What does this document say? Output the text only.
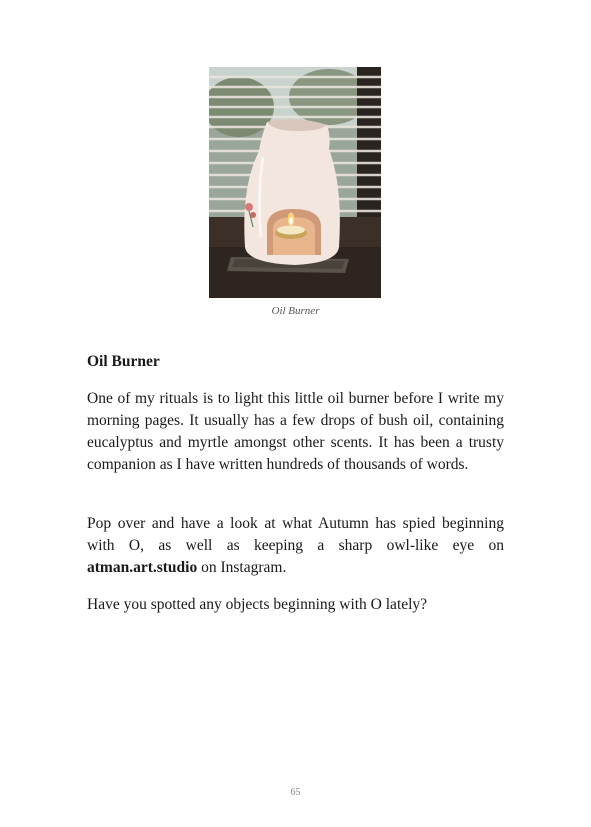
Oil Burner
Oil Burner

One of my rituals is to light this little oil burner before I write my morning pages. It usually has a few drops of bush oil, containing eucalyptus and myrtle amongst other scents. It has been a trusty companion as I have written hundreds of thousands of words.

Pop over and have a look at what Autumn has spied beginning with O, as well as keeping a sharp owl-like eye on atman.art.studio on Instagram.

Have you spotted any objects beginning with O lately?

65
